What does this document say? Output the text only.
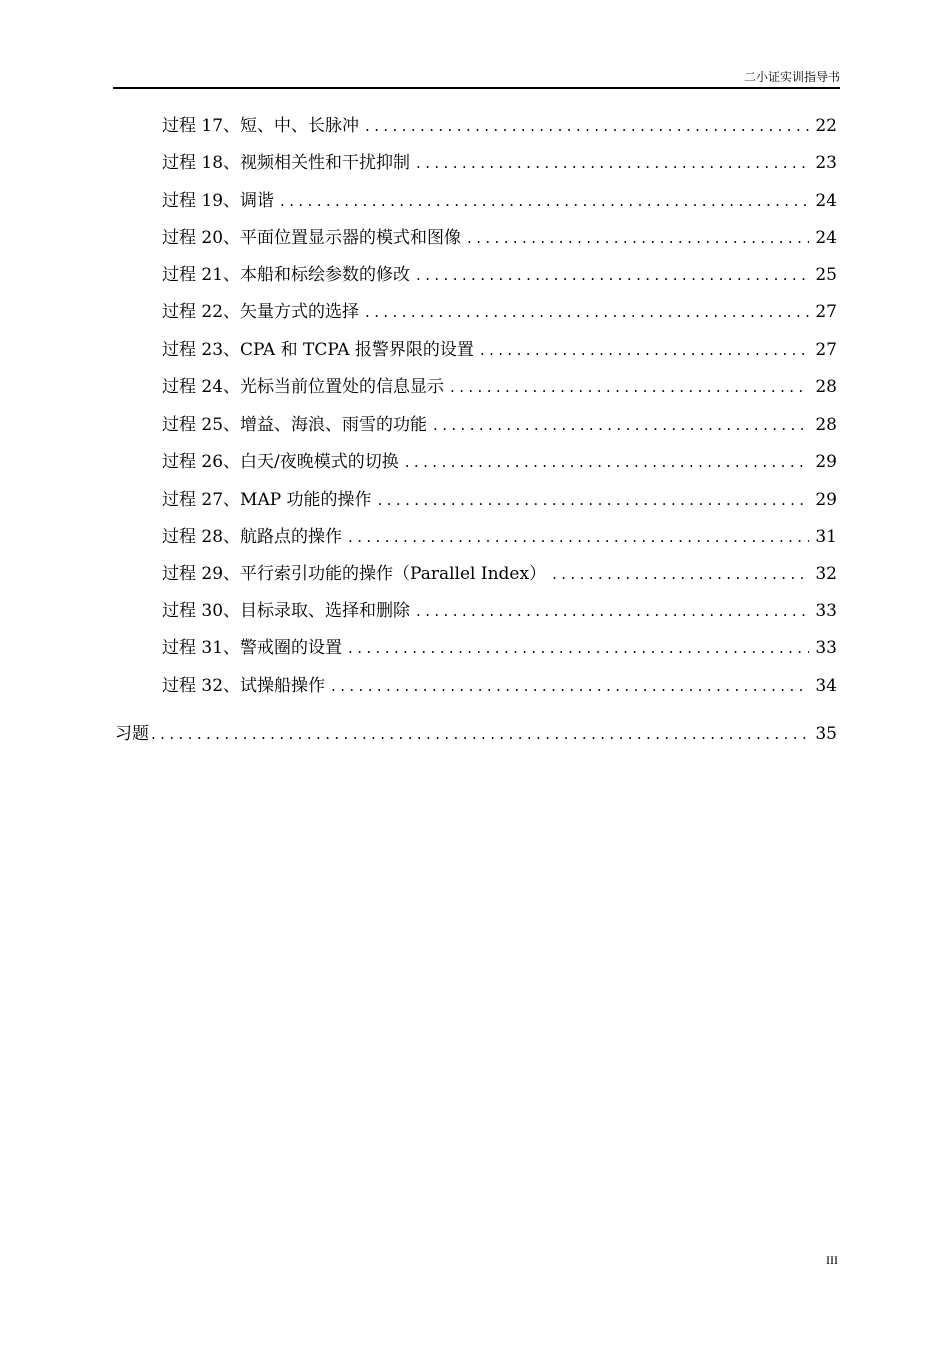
二小证实训指导书
过程 17、短、中、长脉冲 .....	22
过程 18、视频相关性和干扰抑制 .....	23
过程 19、调谐 .....	24
过程 20、平面位置显示器的模式和图像 .....	24
过程 21、本船和标绘参数的修改 .....	25
过程 22、矢量方式的选择 .....	27
过程 23、CPA 和 TCPA 报警界限的设置 .....	27
过程 24、光标当前位置处的信息显示 .....	28
过程 25、增益、海浪、雨雪的功能 .....	28
过程 26、白天/夜晚模式的切换 .....	29
过程 27、MAP 功能的操作 .....	29
过程 28、航路点的操作 .....	31
过程 29、平行索引功能的操作（Parallel Index） .....	32
过程 30、目标录取、选择和删除 .....	33
过程 31、警戒圈的设置 .....	33
过程 32、试操船操作 .....	34
习题 .....	35
III
